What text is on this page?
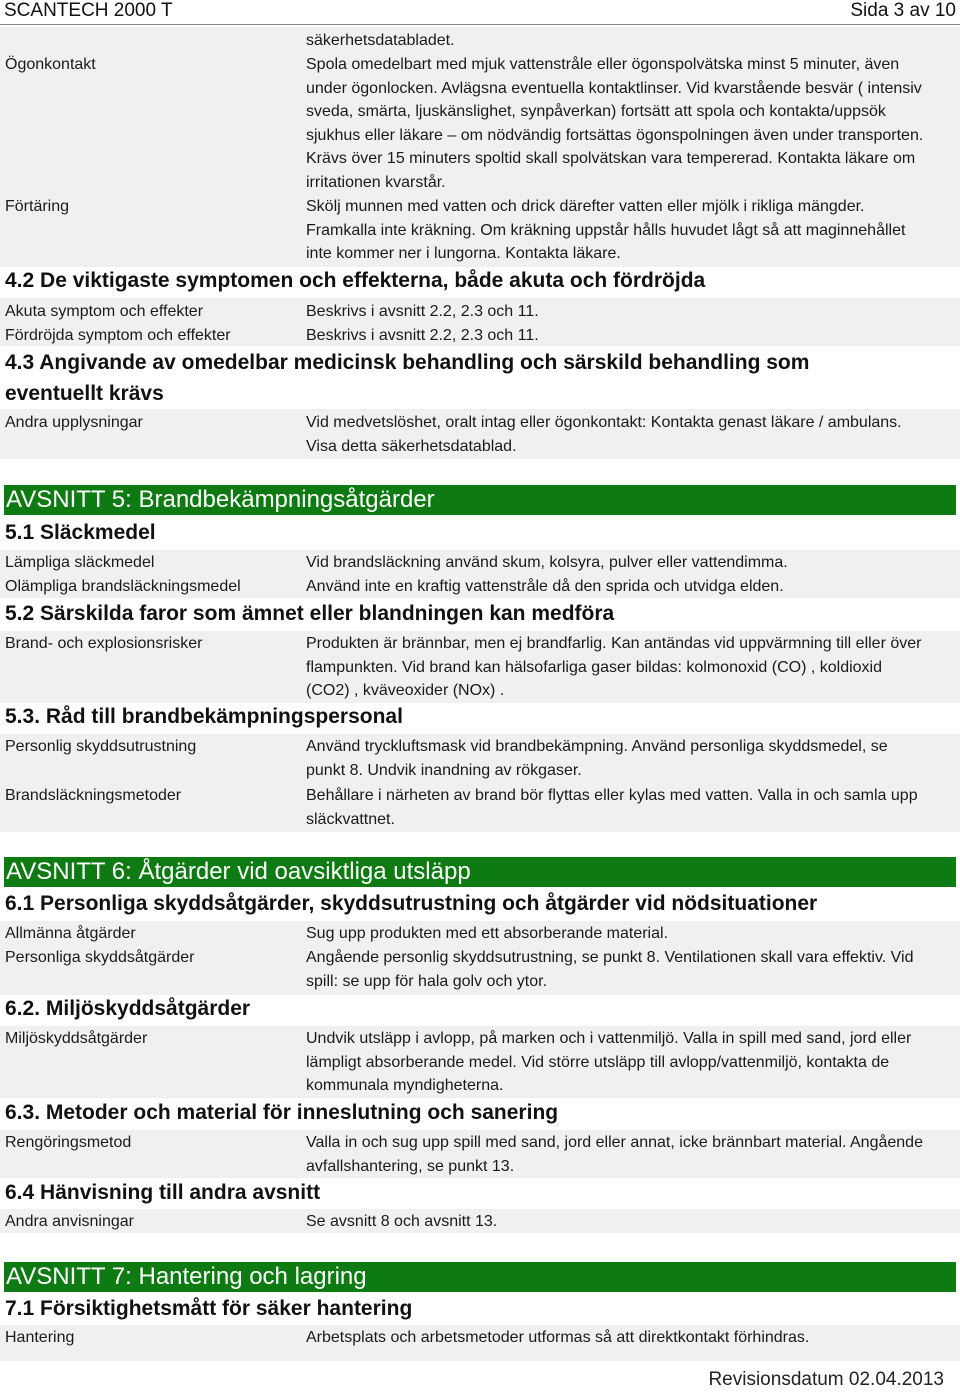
SCANTECH 2000 T	Sida 3 av 10
säkerhetsdatabladet.
Ögonkontakt	Spola omedelbart med mjuk vattenstråle eller ögonspolvätska minst 5 minuter, även under ögonlocken. Avlägsna eventuella kontaktlinser. Vid kvarstående besvär ( intensiv sveda, smärta, ljuskänslighet, synpåverkan) fortsätt att spola och kontakta/uppsök sjukhus eller läkare – om nödvändig fortsättas ögonspolningen även under transporten. Krävs över 15 minuters spoltid skall spolvätskan vara tempererad. Kontakta läkare om irritationen kvarstår.
Förtäring	Skölj munnen med vatten och drick därefter vatten eller mjölk i rikliga mängder. Framkalla inte kräkning. Om kräkning uppstår hålls huvudet lågt så att maginnehållet inte kommer ner i lungorna. Kontakta läkare.
4.2 De viktigaste symptomen och effekterna, både akuta och fördröjda
Akuta symptom och effekter	Beskrivs i avsnitt 2.2, 2.3 och 11.
Fördröjda symptom och effekter	Beskrivs i avsnitt 2.2, 2.3 och 11.
4.3 Angivande av omedelbar medicinsk behandling och särskild behandling som
eventuellt krävs
Andra upplysningar	Vid medvetslöshet, oralt intag eller ögonkontakt: Kontakta genast läkare / ambulans. Visa detta säkerhetsdatablad.
AVSNITT 5: Brandbekämpningsåtgärder
5.1 Släckmedel
Lämpliga släckmedel	Vid brandsläckning använd skum, kolsyra, pulver eller vattendimma.
Olämpliga brandsläckningsmedel	Använd inte en kraftig vattenstråle då den sprida och utvidga elden.
5.2 Särskilda faror som ämnet eller blandningen kan medföra
Brand- och explosionsrisker	Produkten är brännbar, men ej brandfarlig. Kan antändas vid uppvärmning till eller över flampunkten. Vid brand kan hälsofarliga gaser bildas: kolmonoxid (CO) , koldioxid (CO2) , kväveoxider (NOx) .
5.3. Råd till brandbekämpningspersonal
Personlig skyddsutrustning	Använd tryckluftsmask vid brandbekämpning. Använd personliga skyddsmedel, se punkt 8. Undvik inandning av rökgaser.
Brandsläckningsmetoder	Behållare i närheten av brand bör flyttas eller kylas med vatten. Valla in och samla upp släckvattnet.
AVSNITT 6: Åtgärder vid oavsiktliga utsläpp
6.1 Personliga skyddsåtgärder, skyddsutrustning och åtgärder vid nödsituationer
Allmänna åtgärder	Sug upp produkten med ett absorberande material.
Personliga skyddsåtgärder	Angående personlig skyddsutrustning, se punkt 8. Ventilationen skall vara effektiv. Vid spill: se upp för hala golv och ytor.
6.2. Miljöskyddsåtgärder
Miljöskyddsåtgärder	Undvik utsläpp i avlopp, på marken och i vattenmiljö. Valla in spill med sand, jord eller lämpligt absorberande medel. Vid större utsläpp till avlopp/vattenmiljö, kontakta de kommunala myndigheterna.
6.3. Metoder och material för inneslutning och sanering
Rengöringsmetod	Valla in och sug upp spill med sand, jord eller annat, icke brännbart material. Angående avfallshantering, se punkt 13.
6.4 Hänvisning till andra avsnitt
Andra anvisningar	Se avsnitt 8 och avsnitt 13.
AVSNITT 7: Hantering och lagring
7.1 Försiktighetsmått för säker hantering
Hantering	Arbetsplats och arbetsmetoder utformas så att direktkontakt förhindras.
Revisionsdatum 02.04.2013
